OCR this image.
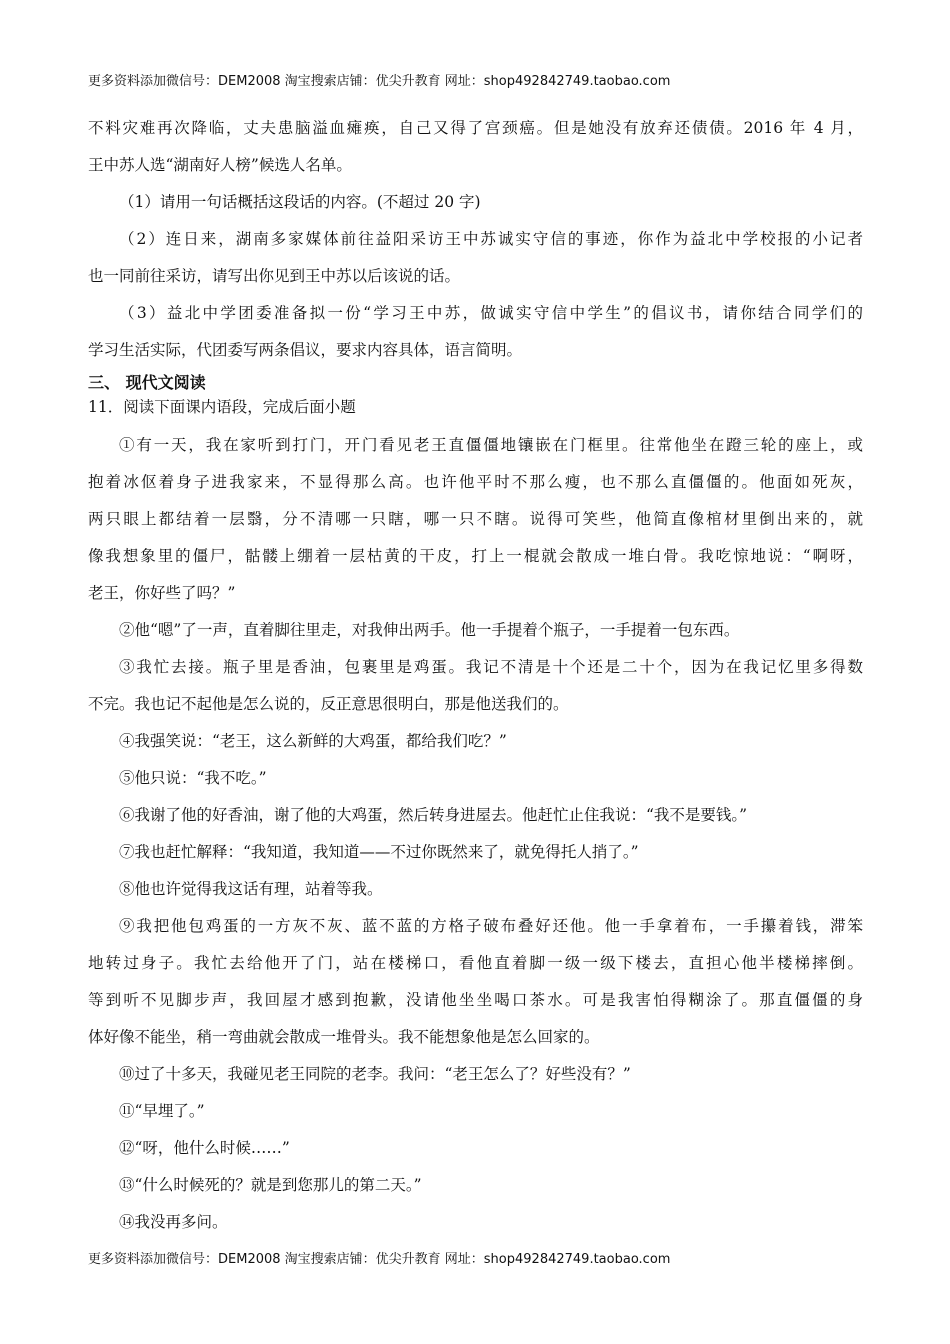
更多资料添加微信号：DEM2008 淘宝搜索店铺：优尖升教育 网址：shop492842749.taobao.com
不料灾难再次降临，丈夫患脑溢血瘫痪，自己又得了宫颈癌。但是她没有放弃还债债。2016 年 4 月，
王中苏人选“湖南好人榜”候选人名单。
（1）请用一句话概括这段话的内容。(不超过 20 字)
（2）连日来，湖南多家媒体前往益阳采访王中苏诚实守信的事迹，你作为益北中学校报的小记者
也一同前往采访，请写出你见到王中苏以后该说的话。
（3）益北中学团委准备拟一份“学习王中苏，做诚实守信中学生”的倡议书，请你结合同学们的
学习生活实际，代团委写两条倡议，要求内容具体，语言简明。
三、 现代文阅读
11．阅读下面课内语段，完成后面小题
①有一天，我在家听到打门，开门看见老王直僵僵地镶嵌在门框里。往常他坐在蹬三轮的座上，或
抱着冰伛着身子进我家来，不显得那么高。也许他平时不那么瘦，也不那么直僵僵的。他面如死灰，
两只眼上都结着一层翳，分不清哪一只瞎，哪一只不瞎。说得可笑些，他简直像棺材里倒出来的，就
像我想象里的僵尸，骷髅上绷着一层枯黄的干皮，打上一棍就会散成一堆白骨。我吃惊地说：“啊呀，
老王，你好些了吗？”
②他“嗯”了一声，直着脚往里走，对我伸出两手。他一手提着个瓶子，一手提着一包东西。
③我忙去接。瓶子里是香油，包裹里是鸡蛋。我记不清是十个还是二十个，因为在我记忆里多得数
不完。我也记不起他是怎么说的，反正意思很明白，那是他送我们的。
④我强笑说：“老王，这么新鲜的大鸡蛋，都给我们吃？”
⑤他只说：“我不吃。”
⑥我谢了他的好香油，谢了他的大鸡蛋，然后转身进屋去。他赶忙止住我说：“我不是要钱。”
⑦我也赶忙解释：“我知道，我知道——不过你既然来了，就免得托人捎了。”
⑧他也许觉得我这话有理，站着等我。
⑨我把他包鸡蛋的一方灰不灰、蓝不蓝的方格子破布叠好还他。他一手拿着布，一手攥着钱，滞笨
地转过身子。我忙去给他开了门，站在楼梯口，看他直着脚一级一级下楼去，直担心他半楼梯摔倒。
等到听不见脚步声，我回屋才感到抱歉，没请他坐坐喝口茶水。可是我害怕得糊涂了。那直僵僵的身
体好像不能坐，稍一弯曲就会散成一堆骨头。我不能想象他是怎么回家的。
⑩过了十多天，我碰见老王同院的老李。我问：“老王怎么了？好些没有？”
⑪“早埋了。”
⑫“呀，他什么时候……”
⑬“什么时候死的？就是到您那儿的第二天。”
⑭我没再多问。
更多资料添加微信号：DEM2008 淘宝搜索店铺：优尖升教育 网址：shop492842749.taobao.com
